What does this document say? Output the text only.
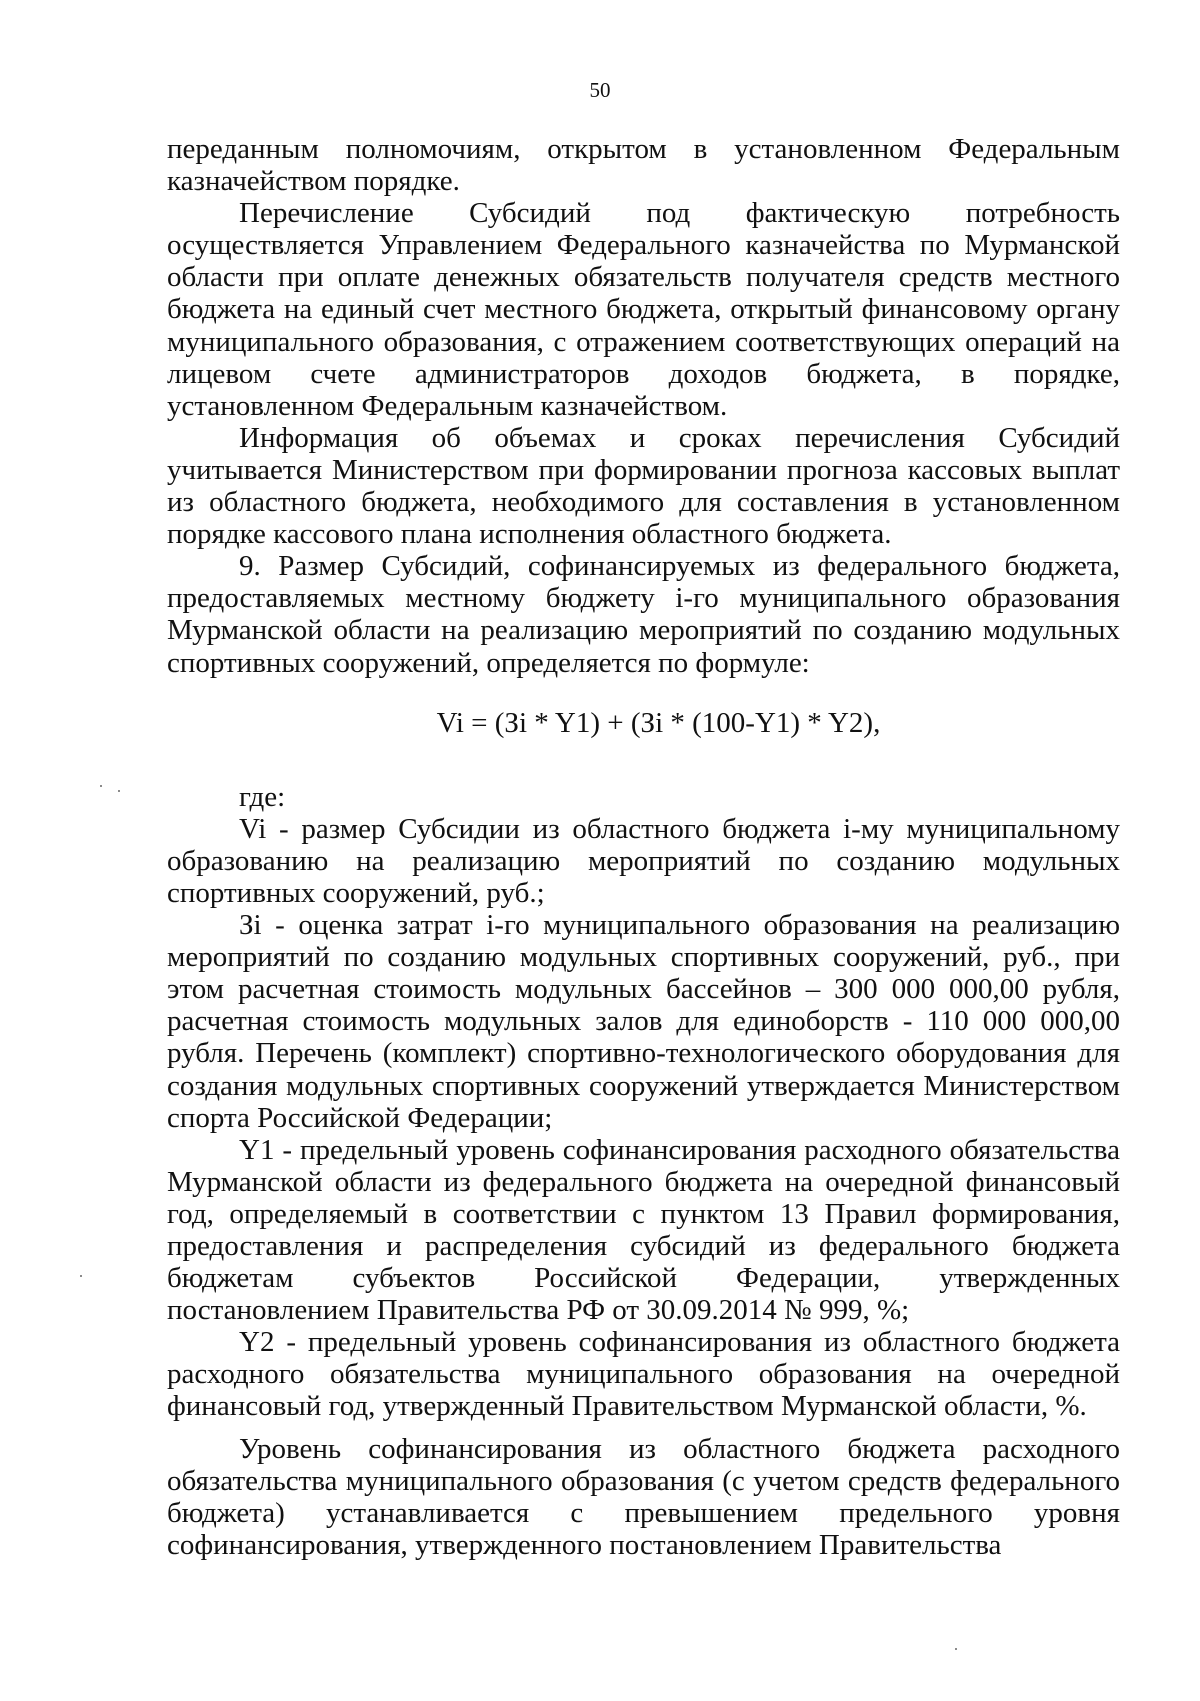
50

переданным полномочиям, открытом в установленном Федеральным казначейством порядке.

Перечисление Субсидий под фактическую потребность осуществляется Управлением Федерального казначейства по Мурманской области при оплате денежных обязательств получателя средств местного бюджета на единый счет местного бюджета, открытый финансовому органу муниципального образования, с отражением соответствующих операций на лицевом счете администраторов доходов бюджета, в порядке, установленном Федеральным казначейством.

Информация об объемах и сроках перечисления Субсидий учитывается Министерством при формировании прогноза кассовых выплат из областного бюджета, необходимого для составления в установленном порядке кассового плана исполнения областного бюджета.

9. Размер Субсидий, софинансируемых из федерального бюджета, предоставляемых местному бюджету i-го муниципального образования Мурманской области на реализацию мероприятий по созданию модульных спортивных сооружений, определяется по формуле:

Vi = (Зi * Y1) + (Зi * (100-Y1) * Y2),

где:

Vi - размер Субсидии из областного бюджета i-му муниципальному образованию на реализацию мероприятий по созданию модульных спортивных сооружений, руб.;

Зi - оценка затрат i-го муниципального образования на реализацию мероприятий по созданию модульных спортивных сооружений, руб., при этом расчетная стоимость модульных бассейнов – 300 000 000,00 рубля, расчетная стоимость модульных залов для единоборств - 110 000 000,00 рубля. Перечень (комплект) спортивно-технологического оборудования для создания модульных спортивных сооружений утверждается Министерством спорта Российской Федерации;

Y1 - предельный уровень софинансирования расходного обязательства Мурманской области из федерального бюджета на очередной финансовый год, определяемый в соответствии с пунктом 13 Правил формирования, предоставления и распределения субсидий из федерального бюджета бюджетам субъектов Российской Федерации, утвержденных постановлением Правительства РФ от 30.09.2014 № 999, %;

Y2 - предельный уровень софинансирования из областного бюджета расходного обязательства муниципального образования на очередной финансовый год, утвержденный Правительством Мурманской области, %.

Уровень софинансирования из областного бюджета расходного обязательства муниципального образования (с учетом средств федерального бюджета) устанавливается с превышением предельного уровня софинансирования, утвержденного постановлением Правительства
